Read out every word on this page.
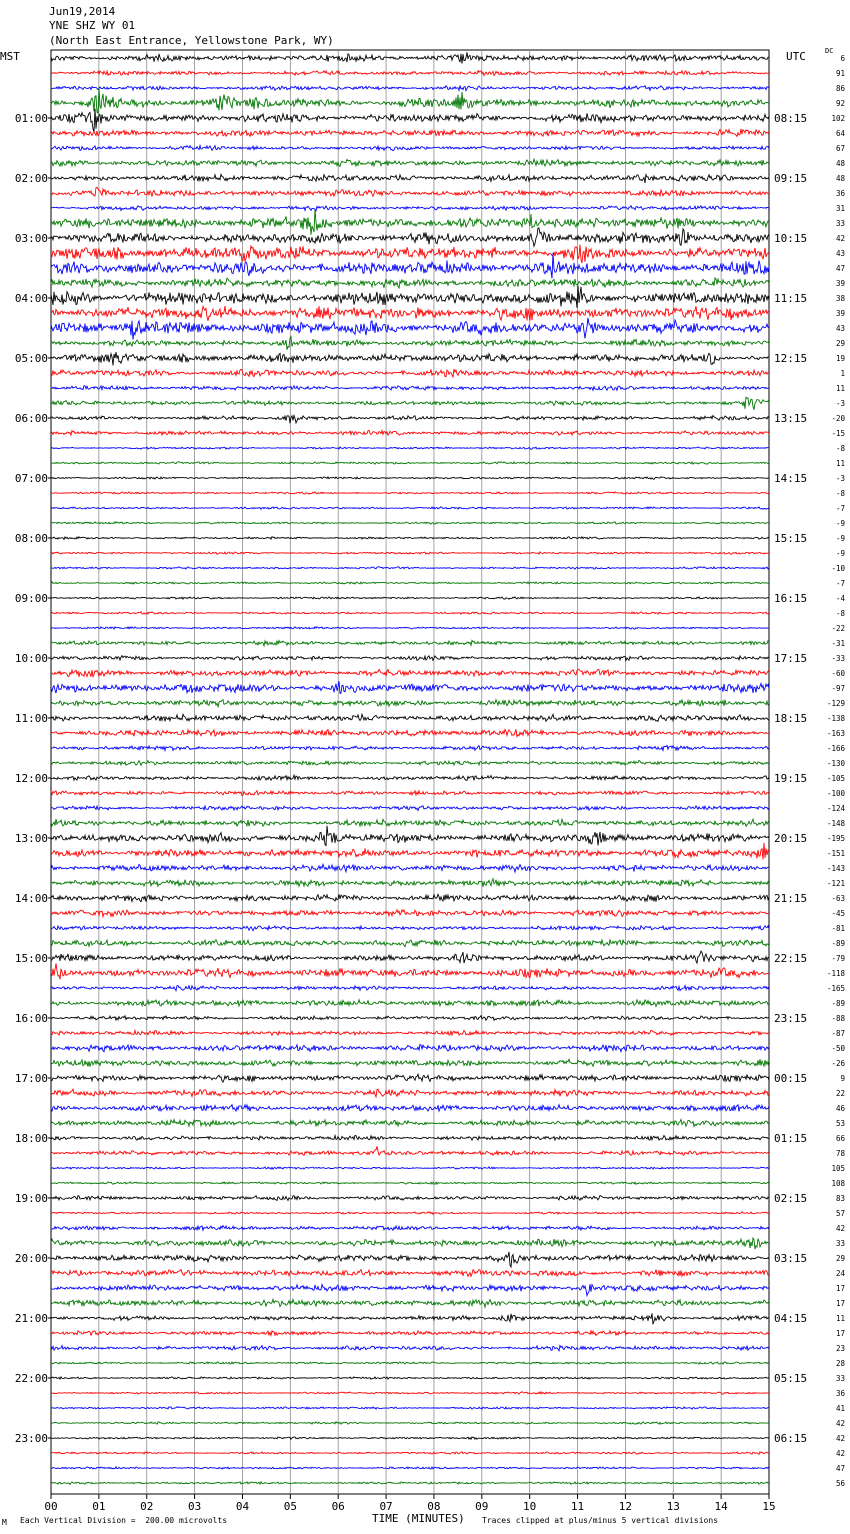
Jun19,2014
YNE SHZ WY 01
(North East Entrance, Yellowstone Park, WY)
MST	UTC	DC
00	01	02	03	04	05	06	07	08	09	10	11	12	13	14	15
6
91
86
92
102
64
67
48
48
36
31
33
42
43
47
39
38
39
43
29
19
1
11
-3
-20
-15
-8
11
-3
-8
-7
-9
-9
-9
-10
-7
-4
-8
-22
-31
-33
-60
-97
-129
-138
-163
-166
-130
-105
-100
-124
-148
-195
-151
-143
-121
-63
-45
-81
-89
-79
-118
-165
-89
-88
-87
-50
-26
9
22
46
53
66
78
105
108
83
57
42
33
29
24
17
17
11
17
23
28
33
36
41
42
42
42
47
56
01:00
02:00
03:00
04:00
05:00
06:00
07:00
08:00
09:00
10:00
11:00
12:00
13:00
14:00
15:00
16:00
17:00
18:00
19:00
20:00
21:00
22:00
23:00
08:15
09:15
10:15
11:15
12:15
13:15
14:15
15:15
16:15
17:15
18:15
19:15
20:15
21:15
22:15
23:15
00:15
01:15
02:15
03:15
04:15
05:15
06:15
TIME (MINUTES)
M Each Vertical Division =  200.00 microvolts	Traces clipped at plus/minus 5 vertical divisions
